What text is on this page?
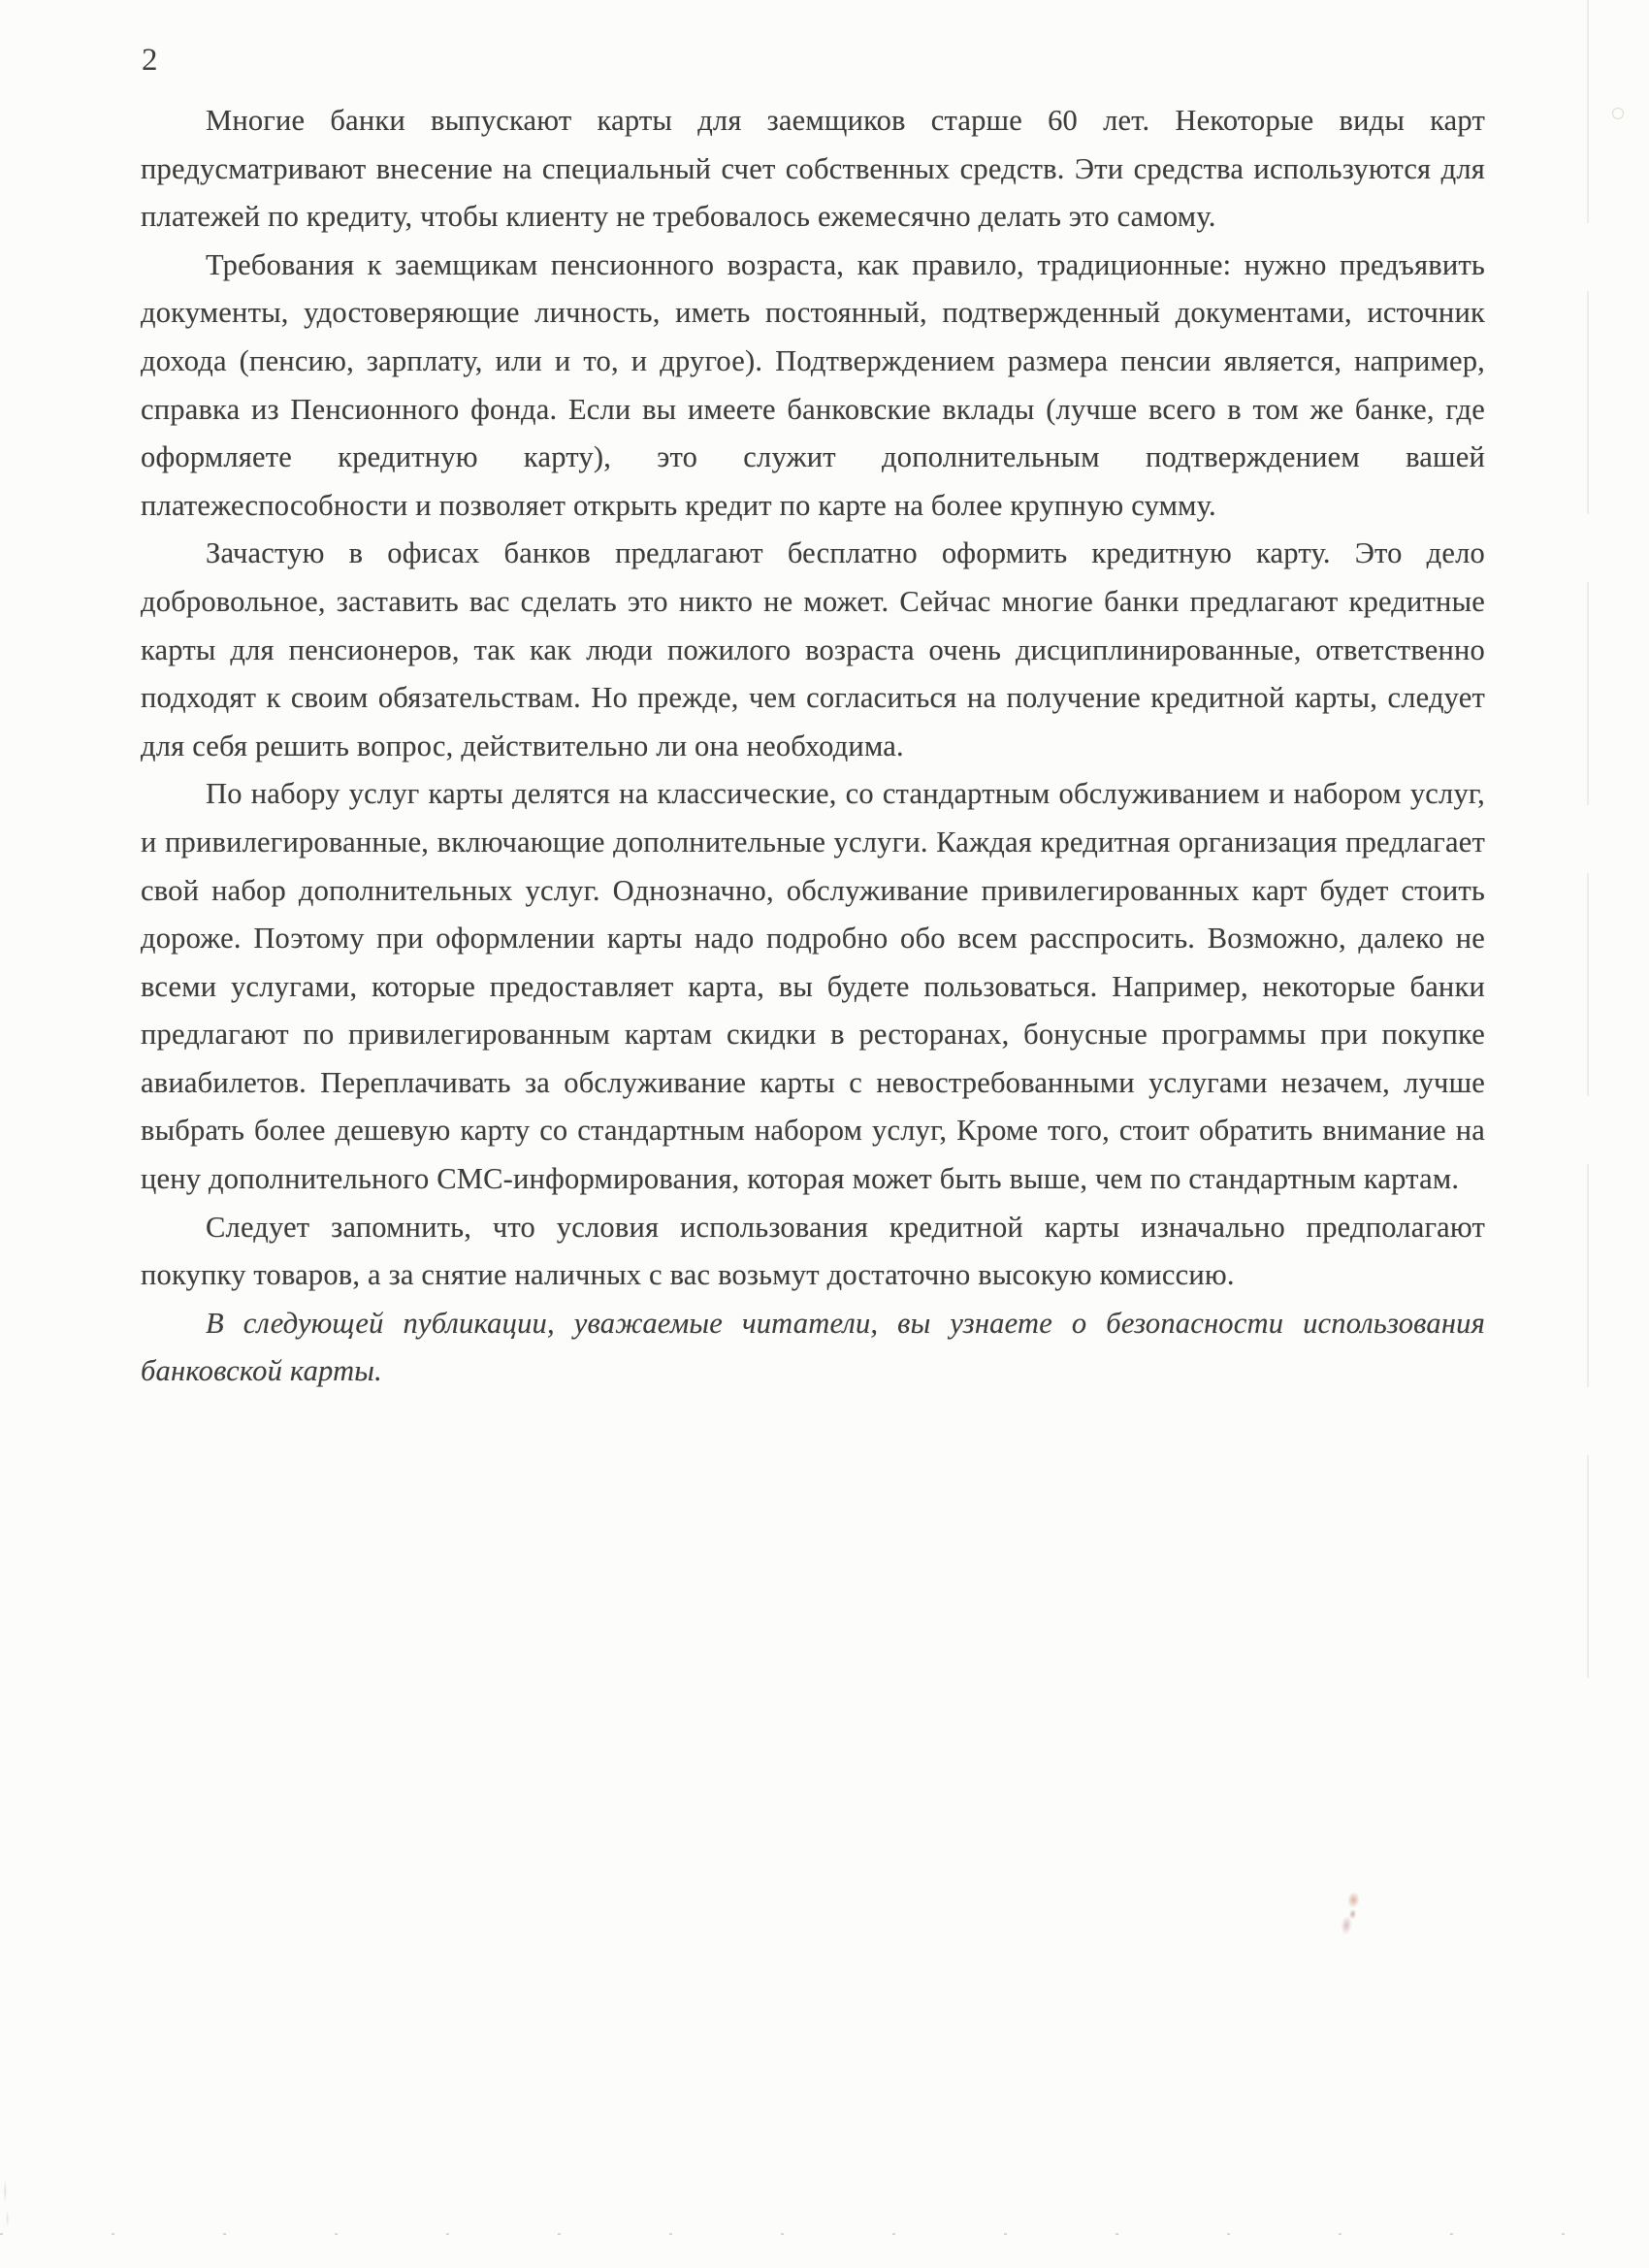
2

Многие банки выпускают карты для заемщиков старше 60 лет. Некоторые виды карт предусматривают внесение на специальный счет собственных средств. Эти средства используются для платежей по кредиту, чтобы клиенту не требовалось ежемесячно делать это самому.

Требования к заемщикам пенсионного возраста, как правило, традиционные: нужно предъявить документы, удостоверяющие личность, иметь постоянный, подтвержденный документами, источник дохода (пенсию, зарплату, или и то, и другое). Подтверждением размера пенсии является, например, справка из Пенсионного фонда. Если вы имеете банковские вклады (лучше всего в том же банке, где оформляете кредитную карту), это служит дополнительным подтверждением вашей платежеспособности и позволяет открыть кредит по карте на более крупную сумму.

Зачастую в офисах банков предлагают бесплатно оформить кредитную карту. Это дело добровольное, заставить вас сделать это никто не может. Сейчас многие банки предлагают кредитные карты для пенсионеров, так как люди пожилого возраста очень дисциплинированные, ответственно подходят к своим обязательствам. Но прежде, чем согласиться на получение кредитной карты, следует для себя решить вопрос, действительно ли она необходима.

По набору услуг карты делятся на классические, со стандартным обслуживанием и набором услуг, и привилегированные, включающие дополнительные услуги. Каждая кредитная организация предлагает свой набор дополнительных услуг. Однозначно, обслуживание привилегированных карт будет стоить дороже. Поэтому при оформлении карты надо подробно обо всем расспросить. Возможно, далеко не всеми услугами, которые предоставляет карта, вы будете пользоваться. Например, некоторые банки предлагают по привилегированным картам скидки в ресторанах, бонусные программы при покупке авиабилетов. Переплачивать за обслуживание карты с невостребованными услугами незачем, лучше выбрать более дешевую карту со стандартным набором услуг, Кроме того, стоит обратить внимание на цену дополнительного СМС-информирования, которая может быть выше, чем по стандартным картам.

Следует запомнить, что условия использования кредитной карты изначально предполагают покупку товаров, а за снятие наличных с вас возьмут достаточно высокую комиссию.

В следующей публикации, уважаемые читатели, вы узнаете о безопасности использования банковской карты.
